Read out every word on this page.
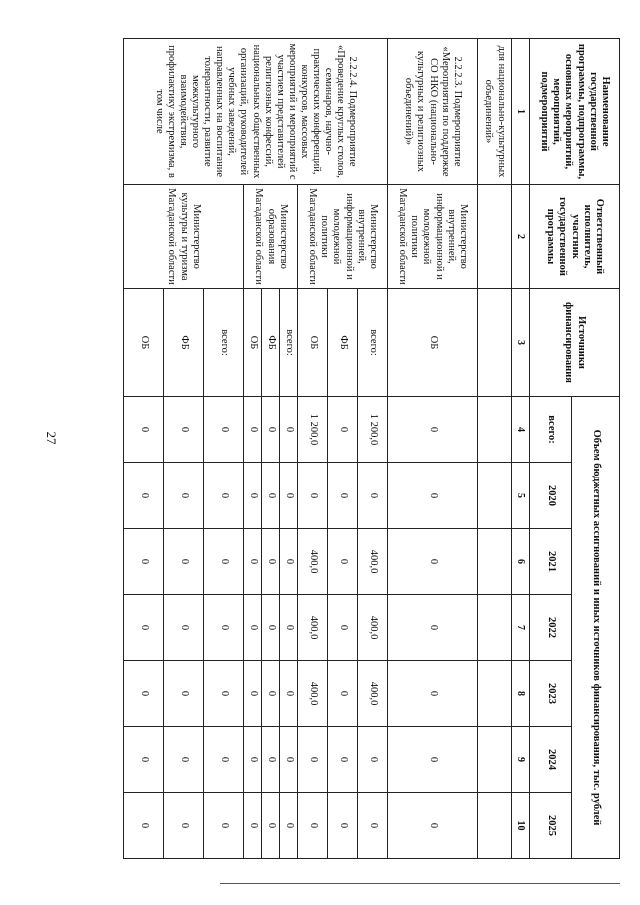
27
Наименование государственной программы, подпрограммы, основных мероприятий, мероприятий, подмероприятий	Ответственный исполнитель, участник государственной программы	Источники финансирования	Объем бюджетных ассигнований и иных источников финансирования, тыс. рублей						
			всего:	2020	2021	2022	2023	2024	2025
1	2	3	4	5	6	7	8	9	10
для национально-культурных объединений»									
2.2.2.3. Подмероприятие «Мероприятия по поддержке СО НКО (национально-культурных и религиозных объединений)»	Министерство внутренней, информационной и молодежной политики Магаданской области	ОБ	0	0	0	0	0	0	0
2.2.2.4. Подмероприятие «Проведение круглых столов, семинаров, научно-практических конференций, конкурсов, массовых мероприятий и мероприятий с участием представителей религиозных конфессий, национальных общественных организаций, руководителей учебных заведений, направленных на воспитание толерантности, развитие межкультурного взаимодействия, профилактику экстремизма, в том числе	Министерство внутренней, информационной и молодежной политики Магаданской области	всего:	1 200,0	0	400,0	400,0	400,0	0	0
		ФБ	0	0	0	0	0	0	0
		ОБ	1 200,0	0	400,0	400,0	400,0	0	0
	Министерство образования Магаданской области	всего:	0	0	0	0	0	0	0
		ФБ	0	0	0	0	0	0	0
		ОБ	0	0	0	0	0	0	0
	Министерство культуры и туризма Магаданской области	всего:	0	0	0	0	0	0	0
		ФБ	0	0	0	0	0	0	0
		ОБ	0	0	0	0	0	0	0
